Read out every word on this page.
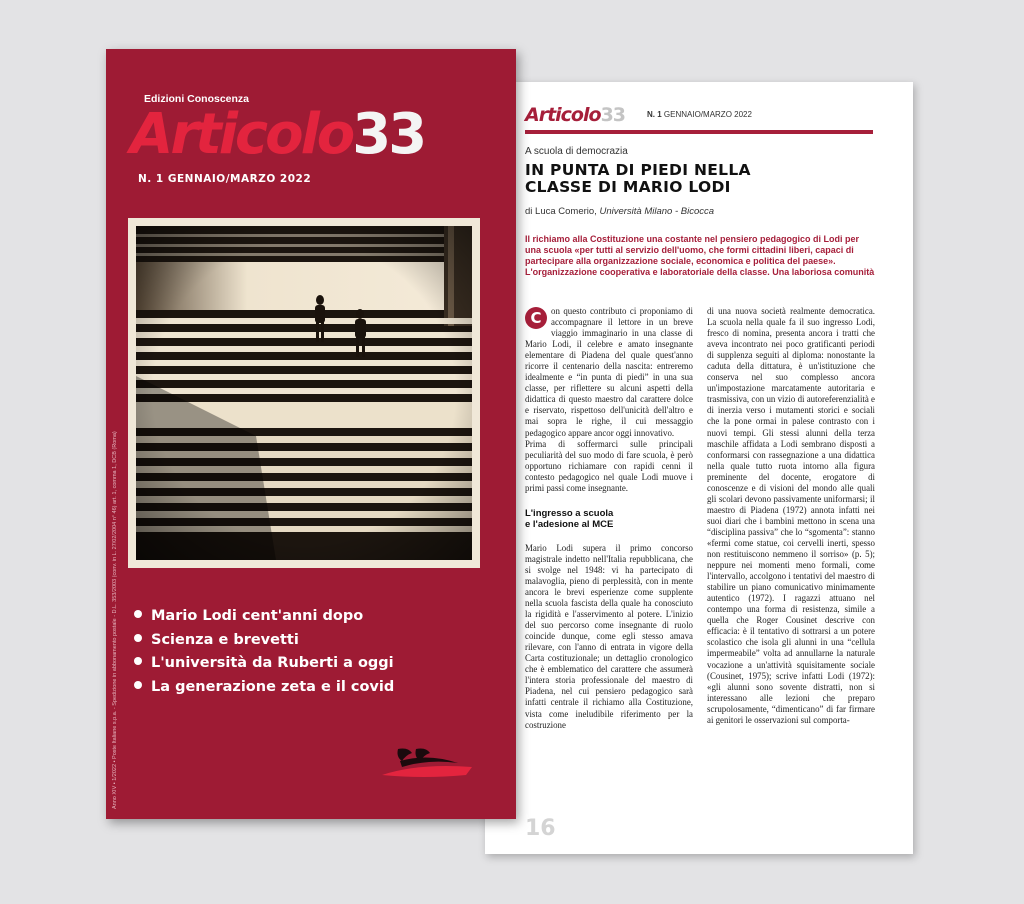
Articolo33	N. 1 GENNAIO/MARZO 2022
A scuola di democrazia
IN PUNTA DI PIEDI NELLA
CLASSE DI MARIO LODI
di Luca Comerio, Università Milano - Bicocca
Il richiamo alla Costituzione una costante nel pensiero pedagogico di Lodi per una scuola «per tutti al servizio dell'uomo, che formi cittadini liberi, capaci di partecipare alla organizzazione sociale, economica e politica del paese». L'organizzazione cooperativa e laboratoriale della classe. Una laboriosa comunità
C	on questo contributo ci proponiamo di accompagnare il lettore in un breve viaggio immaginario in una classe di Mario Lodi, il celebre e amato insegnante elementare di Piadena del quale quest'anno ricorre il centenario della nascita: entreremo idealmente e “in punta di piedi” in una sua classe, per riflettere su alcuni aspetti della didattica di questo maestro dal carattere dolce e riservato, rispettoso dell'unicità dell'altro e mai sopra le righe, il cui messaggio pedagogico appare ancor oggi innovativo.

Prima di soffermarci sulle principali peculiarità del suo modo di fare scuola, è però opportuno richiamare con rapidi cenni il contesto pedagogico nel quale Lodi muove i primi passi come insegnante.

L'ingresso a scuola
e l'adesione al MCE

Mario Lodi supera il primo concorso magistrale indetto nell'Italia repubblicana, che si svolge nel 1948: vi ha partecipato di malavoglia, pieno di perplessità, con in mente ancora le brevi esperienze come supplente nella scuola fascista della quale ha conosciuto la rigidità e l'asservimento al potere. L'inizio del suo percorso come insegnante di ruolo coincide dunque, come egli stesso amava rilevare, con l'anno di entrata in vigore della Carta costituzionale; un dettaglio cronologico che è emblematico del carattere che assumerà l'intera storia professionale del maestro di Piadena, nel cui pensiero pedagogico sarà infatti centrale il richiamo alla Costituzione, vista come ineludibile riferimento per la costruzione

di una nuova società realmente democratica. La scuola nella quale fa il suo ingresso Lodi, fresco di nomina, presenta ancora i tratti che aveva incontrato nei poco gratificanti periodi di supplenza seguiti al diploma: nonostante la caduta della dittatura, è un'istituzione che conserva nel suo complesso ancora un'impostazione marcatamente autoritaria e trasmissiva, con un vizio di autoreferenzialità e di inerzia verso i mutamenti storici e sociali che la pone ormai in palese contrasto con i nuovi tempi. Gli stessi alunni della terza maschile affidata a Lodi sembrano disposti a conformarsi con rassegnazione a una didattica nella quale tutto ruota intorno alla figura preminente del docente, erogatore di conoscenze e di visioni del mondo alle quali gli scolari devono passivamente uniformarsi; il maestro di Piadena (1972) annota infatti nei suoi diari che i bambini mettono in scena una “disciplina passiva” che lo “sgomenta”: stanno «fermi come statue, coi cervelli inerti, spesso non restituiscono nemmeno il sorriso» (p. 5); neppure nei momenti meno formali, come l'intervallo, accolgono i tentativi del maestro di stabilire un piano comunicativo minimamente autentico (1972). I ragazzi attuano nel contempo una forma di resistenza, simile a quella che Roger Cousinet descrive con efficacia: è il tentativo di sottrarsi a un potere scolastico che isola gli alunni in una “cellula impermeabile” volta ad annullarne la naturale vocazione a un'attività squisitamente sociale (Cousinet, 1975); scrive infatti Lodi (1972): «gli alunni sono sovente distratti, non si interessano alle lezioni che preparo scrupolosamente, “dimenticano” di far firmare ai genitori le osservazioni sul comporta-

16
Edizioni Conoscenza
Articolo33
N. 1 GENNAIO/MARZO 2022
Anno XIV • 1/2022 • Poste Italiane s.p.a. - Spedizione in abbonamento postale - D.L. 353/2003 (conv. in L. 27/02/2004 n° 46) art. 1, comma 1, DCB (Roma)	Mario Lodi cent'anni dopo
Scienza e brevetti
L'università da Ruberti a oggi
La generazione zeta e il covid
